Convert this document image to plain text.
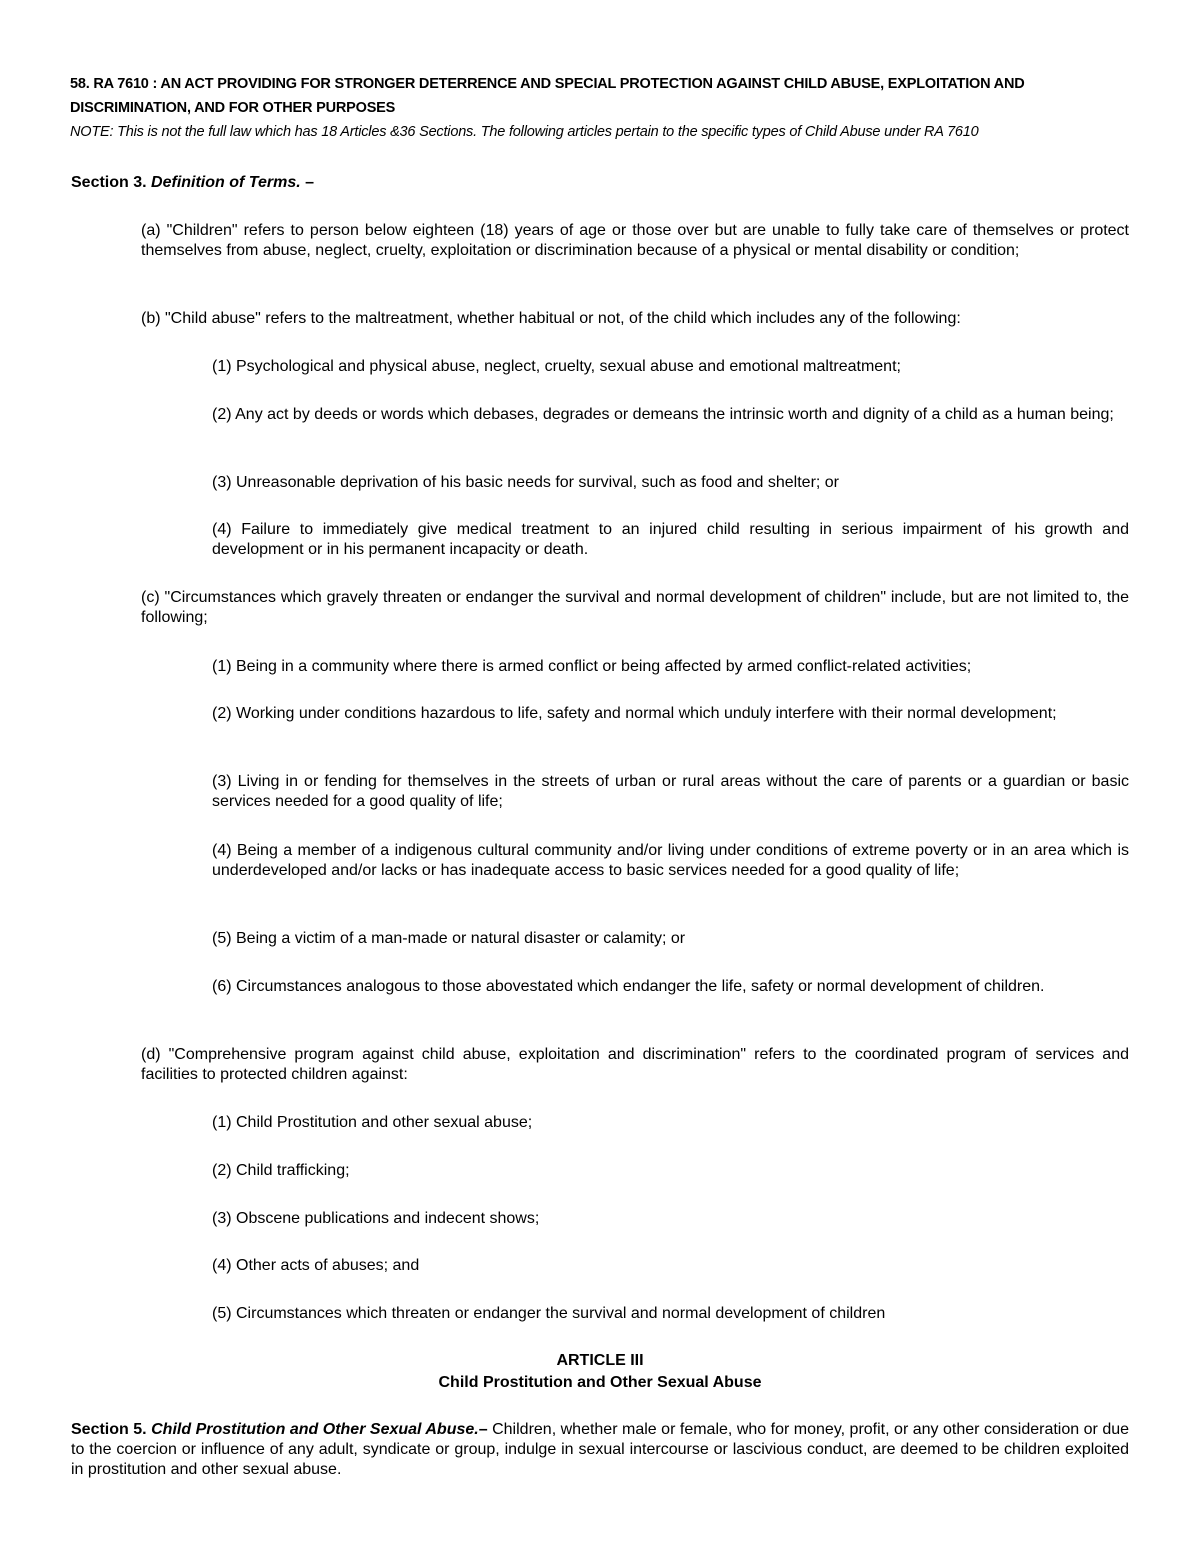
58. RA 7610 : AN ACT PROVIDING FOR STRONGER DETERRENCE AND SPECIAL PROTECTION AGAINST CHILD ABUSE, EXPLOITATION AND DISCRIMINATION, AND FOR OTHER PURPOSES
NOTE: This is not the full law which has 18 Articles &36 Sections. The following articles pertain to the specific types of Child Abuse under RA 7610
Section 3. Definition of Terms. –
(a) "Children" refers to person below eighteen (18) years of age or those over but are unable to fully take care of themselves or protect themselves from abuse, neglect, cruelty, exploitation or discrimination because of a physical or mental disability or condition;
(b) "Child abuse" refers to the maltreatment, whether habitual or not, of the child which includes any of the following:
(1) Psychological and physical abuse, neglect, cruelty, sexual abuse and emotional maltreatment;
(2) Any act by deeds or words which debases, degrades or demeans the intrinsic worth and dignity of a child as a human being;
(3) Unreasonable deprivation of his basic needs for survival, such as food and shelter; or
(4) Failure to immediately give medical treatment to an injured child resulting in serious impairment of his growth and development or in his permanent incapacity or death.
(c) "Circumstances which gravely threaten or endanger the survival and normal development of children" include, but are not limited to, the following;
(1) Being in a community where there is armed conflict or being affected by armed conflict-related activities;
(2) Working under conditions hazardous to life, safety and normal which unduly interfere with their normal development;
(3) Living in or fending for themselves in the streets of urban or rural areas without the care of parents or a guardian or basic services needed for a good quality of life;
(4) Being a member of a indigenous cultural community and/or living under conditions of extreme poverty or in an area which is underdeveloped and/or lacks or has inadequate access to basic services needed for a good quality of life;
(5) Being a victim of a man-made or natural disaster or calamity; or
(6) Circumstances analogous to those abovestated which endanger the life, safety or normal development of children.
(d) "Comprehensive program against child abuse, exploitation and discrimination" refers to the coordinated program of services and facilities to protected children against:
(1) Child Prostitution and other sexual abuse;
(2) Child trafficking;
(3) Obscene publications and indecent shows;
(4) Other acts of abuses; and
(5) Circumstances which threaten or endanger the survival and normal development of children
ARTICLE III
Child Prostitution and Other Sexual Abuse
Section 5. Child Prostitution and Other Sexual Abuse.– Children, whether male or female, who for money, profit, or any other consideration or due to the coercion or influence of any adult, syndicate or group, indulge in sexual intercourse or lascivious conduct, are deemed to be children exploited in prostitution and other sexual abuse.
